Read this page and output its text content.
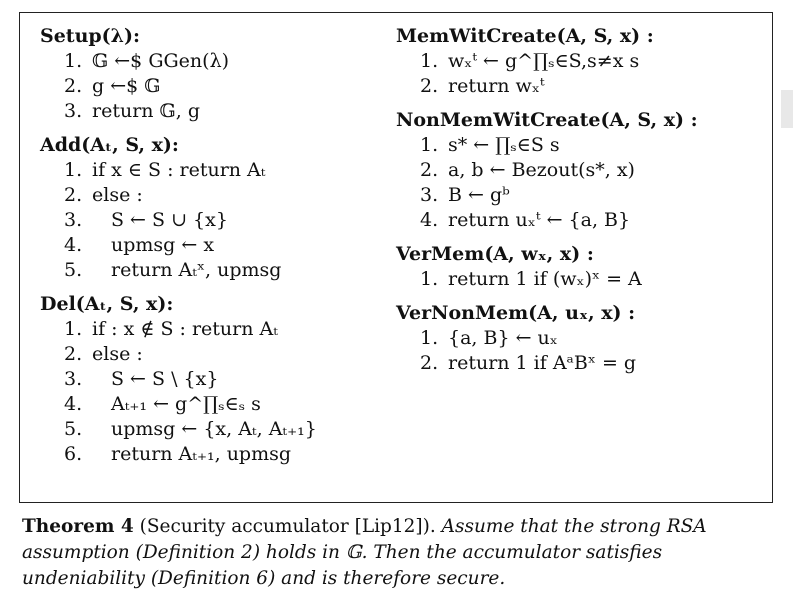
Setup(λ):
1. 𝔾 ←$ GGen(λ)
2. g ←$ 𝔾
3. return 𝔾, g
Add(Aₜ, S, x):
1. if x ∈ S : return Aₜ
2. else :
3.	S ← S ∪ {x}
4.	upmsg ← x
5.	return Aₜˣ, upmsg
Del(Aₜ, S, x):
1. if : x ∉ S : return Aₜ
2. else :
3.	S ← S \ {x}
4.	Aₜ₊₁ ← g^∏ₛ∈ₛ s
5.	upmsg ← {x, Aₜ, Aₜ₊₁}
6.	return Aₜ₊₁, upmsg
MemWitCreate(A, S, x) :
1. wₓᵗ ← g^∏ₛ∈S,s≠x s
2. return wₓᵗ
NonMemWitCreate(A, S, x) :
1. s* ← ∏ₛ∈S s
2. a, b ← Bezout(s*, x)
3. B ← gᵇ
4. return uₓᵗ ← {a, B}
VerMem(A, wₓ, x) :
1. return 1 if (wₓ)ˣ = A
VerNonMem(A, uₓ, x) :
1. {a, B} ← uₓ
2. return 1 if AᵃBˣ = g

Theorem 4 (Security accumulator [Lip12]). Assume that the strong RSA assumption (Definition 2) holds in 𝔾. Then the accumulator satisfies undeniability (Definition 6) and is therefore secure.
